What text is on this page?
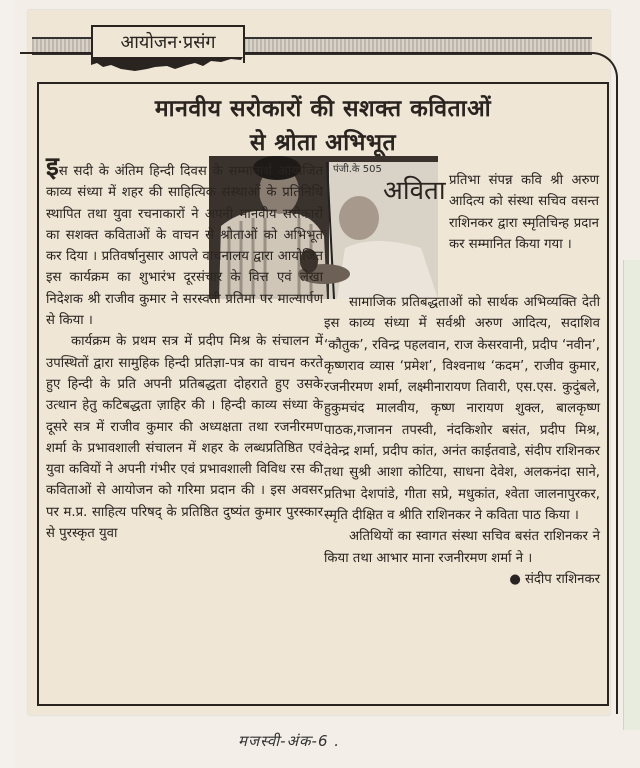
आयोजन·प्रसंग
मानवीय सरोकारों की सशक्त कविताओं
से श्रोता अभिभूत
पंजी.के 505
अविता प्रतिभा संपन्न कवि श्री अरुण आदित्य को संस्था सचिव वसन्त राशिनकर द्वारा स्मृतिचिन्ह प्रदान कर सम्मानित किया गया ।

इस सदी के अंतिम हिन्दी दिवस के सम्मानार्थ आयोजित काव्य संध्या में शहर की साहित्यिक संस्थाओं के प्रतिनिधि स्थापित तथा युवा रचनाकारों ने अपनी मानवीय सरोकारों का सशक्त कविताओं के वाचन से श्रोताओं को अभिभूत कर दिया । प्रतिवर्षानुसार आपले वाचनालय द्वारा आयोजित इस कार्यक्रम का शुभारंभ दूरसंचार के वित्त एवं लेखा निदेशक श्री राजीव कुमार ने सरस्वती प्रतिमा पर माल्यार्पण से किया ।

कार्यक्रम के प्रथम सत्र में प्रदीप मिश्र के संचालन में उपस्थितों द्वारा सामुहिक हिन्दी प्रतिज्ञा-पत्र का वाचन करते हुए हिन्दी के प्रति अपनी प्रतिबद्धता दोहराते हुए उसके उत्थान हेतु कटिबद्धता ज़ाहिर की । हिन्दी काव्य संध्या के दूसरे सत्र में राजीव कुमार की अध्यक्षता तथा रजनीरमण शर्मा के प्रभावशाली संचालन में शहर के लब्धप्रतिष्ठित एवं युवा कवियों ने अपनी गंभीर एवं प्रभावशाली विविध रस की कविताओं से आयोजन को गरिमा प्रदान की । इस अवसर पर म.प्र. साहित्य परिषद् के प्रतिष्ठित दुष्यंत कुमार पुरस्कार से पुरस्कृत युवा

सामाजिक प्रतिबद्धताओं को सार्थक अभिव्यक्ति देती इस काव्य संध्या में सर्वश्री अरुण आदित्य, सदाशिव ‘कौतुक’, रविन्द्र पहलवान, राज केसरवानी, प्रदीप ‘नवीन’, कृष्णराव व्यास ‘प्रमेश’, विश्वनाथ ‘कदम’, राजीव कुमार, रजनीरमण शर्मा, लक्ष्मीनारायण तिवारी, एस.एस. कुदुंबले, हुकुमचंद मालवीय, कृष्ण नारायण शुक्ल, बालकृष्ण पाठक,गजानन तपस्वी, नंदकिशोर बसंत, प्रदीप मिश्र, देवेन्द्र शर्मा, प्रदीप कांत, अनंत काईतवाडे, संदीप राशिनकर तथा सुश्री आशा कोटिया, साधना देवेश, अलकनंदा साने, प्रतिभा देशपांडे, गीता सप्रे, मधुकांत, श्वेता जालनापुरकर, स्मृति दीक्षित व श्रीति राशिनकर ने कविता पाठ किया ।

अतिथियों का स्वागत संस्था सचिव बसंत राशिनकर ने किया तथा आभार माना रजनीरमण शर्मा ने ।

● संदीप राशिनकर

मजस्वी-अंक-6 .
